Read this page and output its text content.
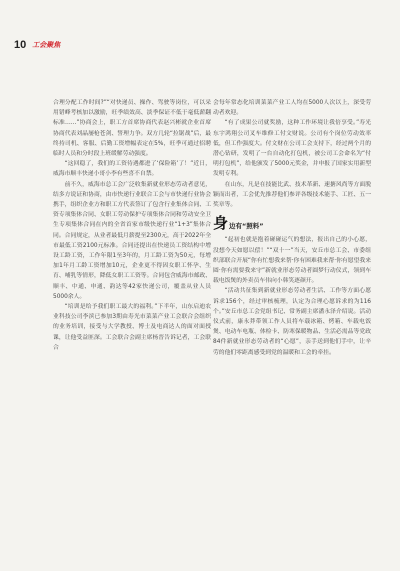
10 工会聚焦

合理分配工作时间?”“对快递员、操作、驾驶等岗位，可以采用错峰考核加以激励，旺季绩效高、淡季保证不低于毫低薪翻标准……”协商会上，职工方首席协商代表赵兴彬就企业首席协商代表刘晶屡枪苍剑、誓理力争。双方几轮“拉锯战”后，最终持司机、客服、后勤工资增幅表定在5%，旺季可通过招聘临时人员和分时段上班缓解劳动强度。

“这回稳了，我们的工资待遇都进了‘保险箱’了！”近日，威海市顺丰快递小哥小李有些喜不自禁。

前不久，威海市总工会广泛收集新就业形态劳动者意见，结多方说证和协商，由市快递行业联合工会与市快递行业协会携手，组织企业方和职工方代表签订了包含行业集体合同、工资专项集体合同、女职工劳动保护专项集体合同和劳动安全卫生专项集体合同在内的全省首家市级快递行业“1+3”集体合同。合同规定，从业者最低月薪提至2300元，高于2022年全市最低工资2100元标准。合同还提出在快递员工资结构中增设工龄工资，工作年限1至3年的，月工龄工资为50元，每增加1年月工龄工资增加10元，企业更不得因女职工怀孕、生育、哺乳等情形，降低女职工工资等。合同包含威海市邮政、顺丰、中通、申通、韵达等42家快递公司，覆盖从业人员5000余人。

“培训是给予我们职工最大的福利。”下半年，山东启迪农业科技公司李滨已参加3期由寿光市菜菜产业工会联合会组织的业务培训，接受与大学教授、博士及电商达人的面对面授课，让他受益匪深。工会联合会副主席杨晋告诉记者，工会联合

会每年常态化培训菜菜产业工人均在5000人次以上，深受劳动者欢迎。

“有了成果公司就奖励，这种工作环境让我倍享受。”寿光东宇鸿翔公司叉车维修工付文财说。公司有个岗位劳动效率低，但工作强度大。付文财在公司工会支持下，经过两个月的潜心钻研，发明了一台自动化打包机，被公司工会命名为“付明打包机”，给他颁发了5000元奖金，并申报了国家实用新型发明专利。

在山东，凡是在技能比武、技术革新、速搪风尚等方面脱颖而出者，工会优先推荐他们参评各级技术能手、工匠、五一奖章等。

身 边有“照料”

“起初也就是抱着碰碰运气的想法，报出自己的小心愿，没想今天如愿以偿！”“双十一”当天，安丘市总工会、市委组织部联合开展“你有忙想我来帮·你有困难我来帮·你有愿望我来圆·你有需要我来守”新就业形态劳动者圆梦行动仪式，领到车载电饭煲的外卖员车伟向小韩笑逐颜开。

“活动共征集到新就业形态劳动者生活、工作等方面心愿诉求156个，经过审核梳理，认定为合理心愿诉求的为116个。”安丘市总工会党组书记、常务副主席潘永泽介绍说。活动仪式前，康永莽带领工作人员将车载冰箱、烤箱、车载电饭煲、电动车电瓶、体检卡、防寒保暖物品、生活必需品等党政84件新就业形态劳动者的“心愿”，亲手送到他们手中，让辛劳的他们零距离感受到党的温暖和工会的牵挂。
